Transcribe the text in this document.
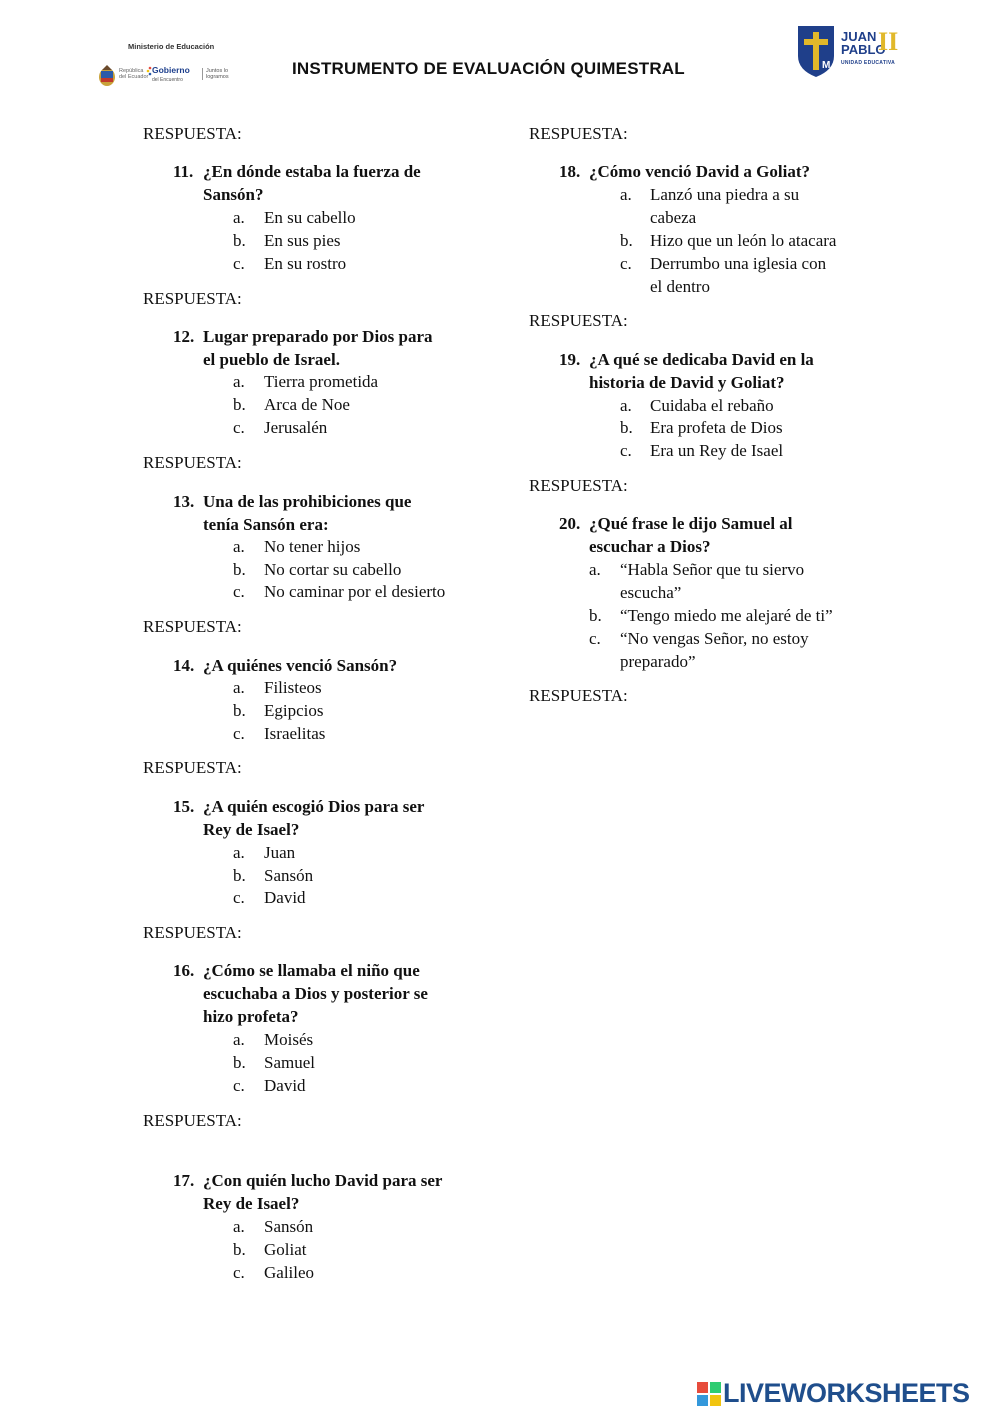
Ministerio de Educación
República del Ecuador
Gobierno
del Encuentro
Juntos lo logramos	INSTRUMENTO DE EVALUACIÓN QUIMESTRAL	M
JUAN
PABLO
II
UNIDAD EDUCATIVA
RESPUESTA:
11. ¿En dónde estaba la fuerza de
Sansón?
a. En su cabello
b. En sus pies
c. En su rostro
RESPUESTA:
12. Lugar preparado por Dios para
el pueblo de Israel.
a. Tierra prometida
b. Arca de Noe
c. Jerusalén
RESPUESTA:
13. Una de las prohibiciones que
tenía Sansón era:
a. No tener hijos
b. No cortar su cabello
c. No caminar por el desierto
RESPUESTA:
14. ¿A quiénes venció Sansón?
a. Filisteos
b. Egipcios
c. Israelitas
RESPUESTA:
15. ¿A quién escogió Dios para ser
Rey de Isael?
a. Juan
b. Sansón
c. David
RESPUESTA:
16. ¿Cómo se llamaba el niño que
escuchaba a Dios y posterior se
hizo profeta?
a. Moisés
b. Samuel
c. David
RESPUESTA:
17. ¿Con quién lucho David para ser
Rey de Isael?
a. Sansón
b. Goliat
c. Galileo
RESPUESTA:
18. ¿Cómo venció David a Goliat?
a. Lanzó una piedra a su
cabeza
b. Hizo que un león lo atacara
c. Derrumbo una iglesia con
el dentro
RESPUESTA:
19. ¿A qué se dedicaba David en la
historia de David y Goliat?
a. Cuidaba el rebaño
b. Era profeta de Dios
c. Era un Rey de Isael
RESPUESTA:
20. ¿Qué frase le dijo Samuel al
escuchar a Dios?
a. “Habla Señor que tu siervo
escucha”
b. “Tengo miedo me alejaré de ti”
c. “No vengas Señor, no estoy
preparado”
RESPUESTA:
LIVEWORKSHEETS
